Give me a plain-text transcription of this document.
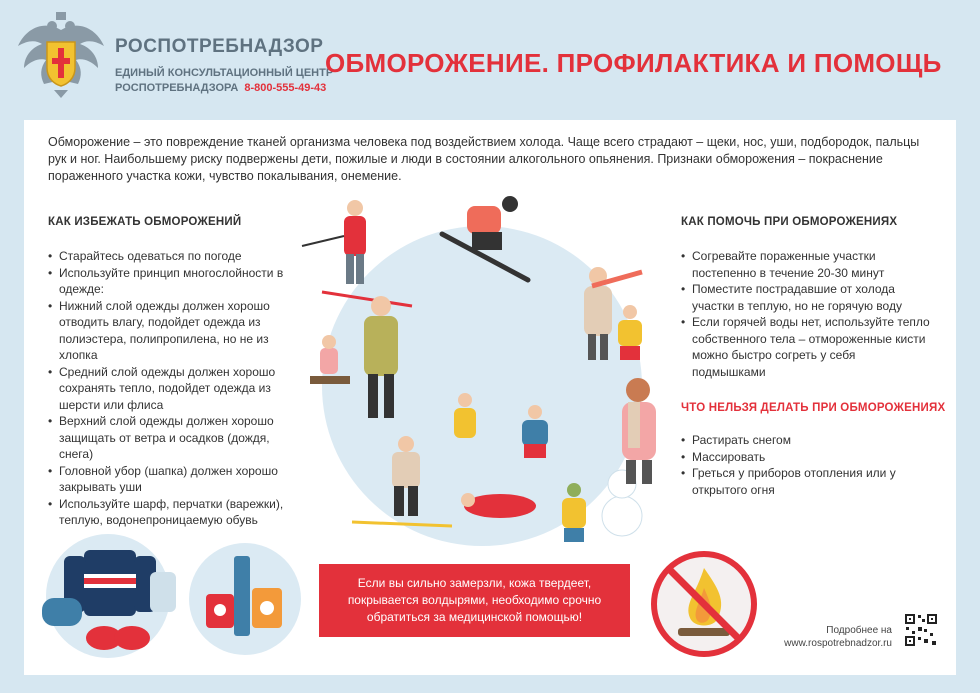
РОСПОТРЕБНАДЗОР
ЕДИНЫЙ КОНСУЛЬТАЦИОННЫЙ ЦЕНТР
РОСПОТРЕБНАДЗОРА 8-800-555-49-43
ОБМОРОЖЕНИЕ. ПРОФИЛАКТИКА И ПОМОЩЬ
Обморожение – это повреждение тканей организма человека под воздействием холода. Чаще всего страдают – щеки, нос, уши, подбородок, пальцы рук и ног. Наибольшему риску подвержены дети, пожилые и люди в состоянии алкогольного опьянения. Признаки обморожения – покраснение пораженного участка кожи, чувство покалывания, онемение.
КАК ИЗБЕЖАТЬ ОБМОРОЖЕНИЙ
• Старайтесь одеваться по погоде
• Используйте принцип многослойности в одежде:
• Нижний слой одежды должен хорошо отводить влагу, подойдет одежда из полиэстера, полипропилена, но не из хлопка
• Средний слой одежды должен хорошо сохранять тепло, подойдет одежда из шерсти или флиса
• Верхний слой одежды должен хорошо защищать от ветра и осадков (дождя, снега)
• Головной убор (шапка) должен хорошо закрывать уши
• Используйте шарф, перчатки (варежки), теплую, водонепроницаемую обувь
КАК ПОМОЧЬ ПРИ ОБМОРОЖЕНИЯХ
• Согревайте пораженные участки постепенно в течение 20-30 минут
• Поместите пострадавшие от холода участки в теплую, но не горячую воду
• Если горячей воды нет, используйте тепло собственного тела – отмороженные кисти можно быстро согреть у себя подмышками
ЧТО НЕЛЬЗЯ ДЕЛАТЬ ПРИ ОБМОРОЖЕНИЯХ
• Растирать снегом
• Массировать
• Греться у приборов отопления или у открытого огня
Если вы сильно замерзли, кожа твердеет, покрывается волдырями, необходимо срочно обратиться за медицинской помощью!
Подробнее на
www.rospotrebnadzor.ru
